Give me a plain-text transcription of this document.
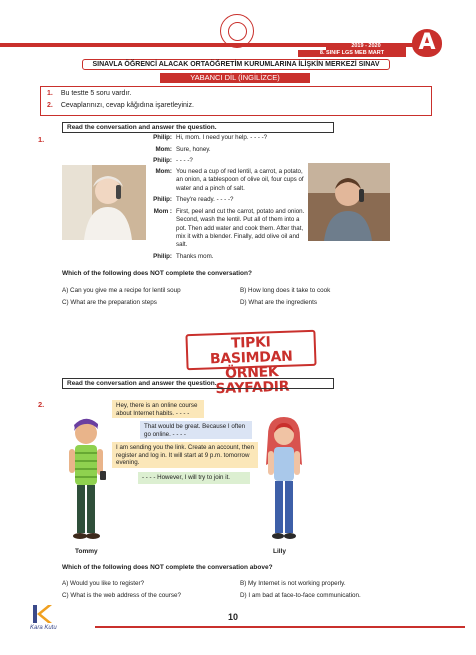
2019 - 2020
8. SINIF LGS MEB MART	A
SINAVLA ÖĞRENCİ ALACAK ORTAÖĞRETİM KURUMLARINA İLİŞKİN MERKEZİ SINAV
YABANCI DİL (İNGİLİZCE)
1. Bu testte 5 soru vardır.
2. Cevaplarınızı, cevap kâğıdına işaretleyiniz.
Read the conversation and answer the question.
1.	Philip: Hi, mom. I need your help. - - - -?
Mom: Sure, honey.
Philip: - - - -?
Mom: You need a cup of red lentil, a carrot, a potato, an onion, a tablespoon of olive oil, four cups of water and a pinch of salt.
Philip: They're ready. - - - -?
Mom : First, peel and cut the carrot, potato and onion. Second, wash the lentil. Put all of them into a pot. Then add water and cook them. After that, mix it with a blender. Finally, add olive oil and salt.
Philip: Thanks mom.
Which of the following does NOT complete the conversation?
A) Can you give me a recipe for lentil soup	B) How long does it take to cook
C) What are the preparation steps	D) What are the ingredients
TIPKI BASIMDAN
ÖRNEK SAYFADIR
Read the conversation and answer the question.
2.	Hey, there is an online course about Internet habits. - - - -
That would be great. Because I often go online. - - - -
I am sending you the link. Create an account, then register and log in. It will start at 9 p.m. tomorrow evening.
- - - - However, I will try to join it.
Tommy	Lilly
Which of the following does NOT complete the conversation above?
A) Would you like to register?	B) My Internet is not working properly.
C) What is the web address of the course?	D) I am bad at face-to-face communication.
Kara Kutu
10
